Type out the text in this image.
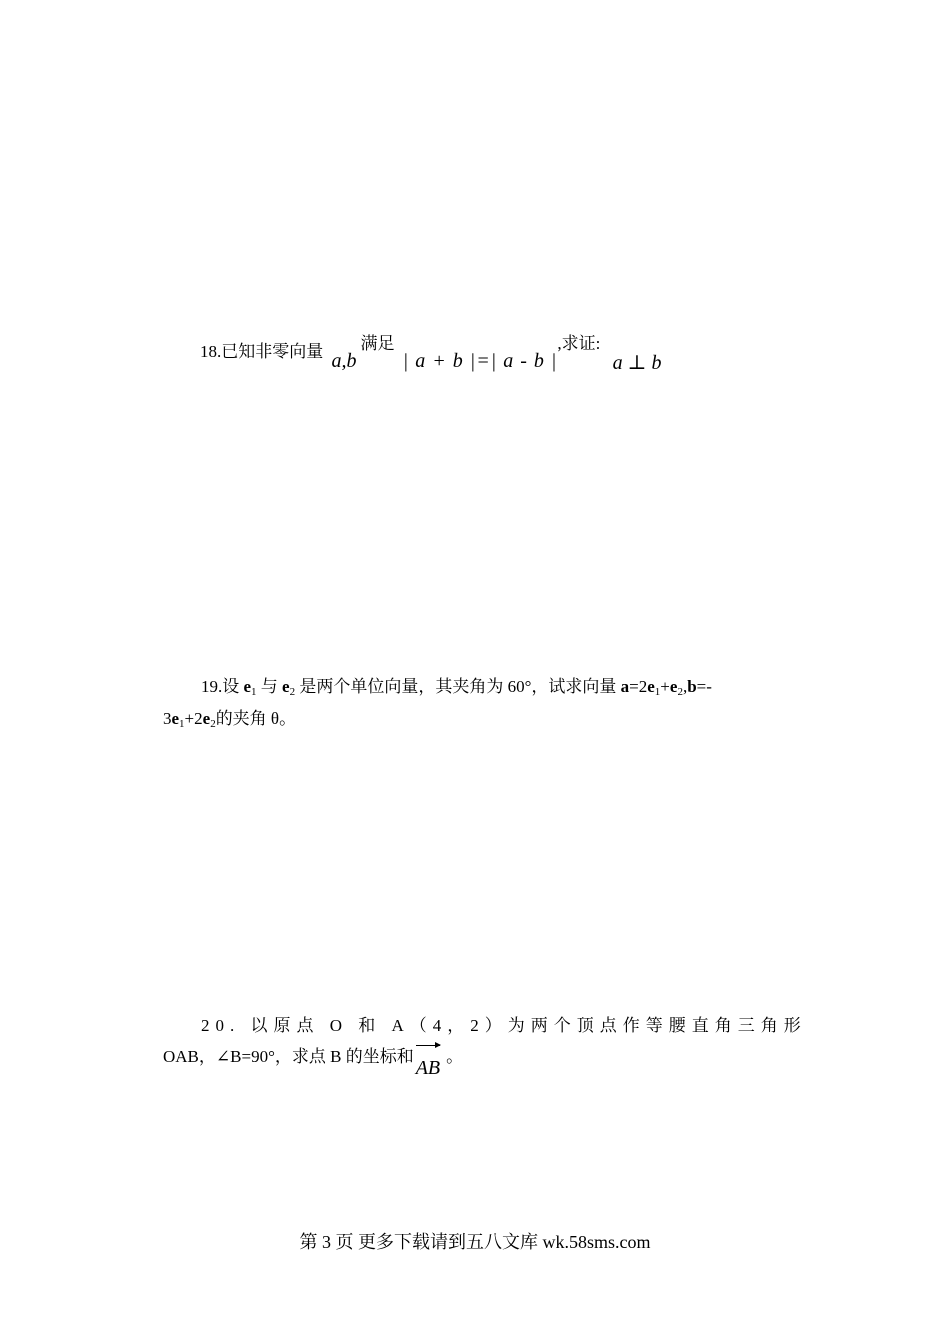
18.已知非零向量 a,b满足 | a + b |=| a - b |,求证: a ⊥ b
19.设 e1 与 e2 是两个单位向量，其夹角为 60°，试求向量 a=2e1+e2,b=-
3e1+2e2的夹角 θ。
20. 以原点 O 和 A（4，2）为两个顶点作等腰直角三角形
OAB，∠B=90°，求点 B 的坐标和
AB。
第 3 页 更多下载请到五八文库 wk.58sms.com
